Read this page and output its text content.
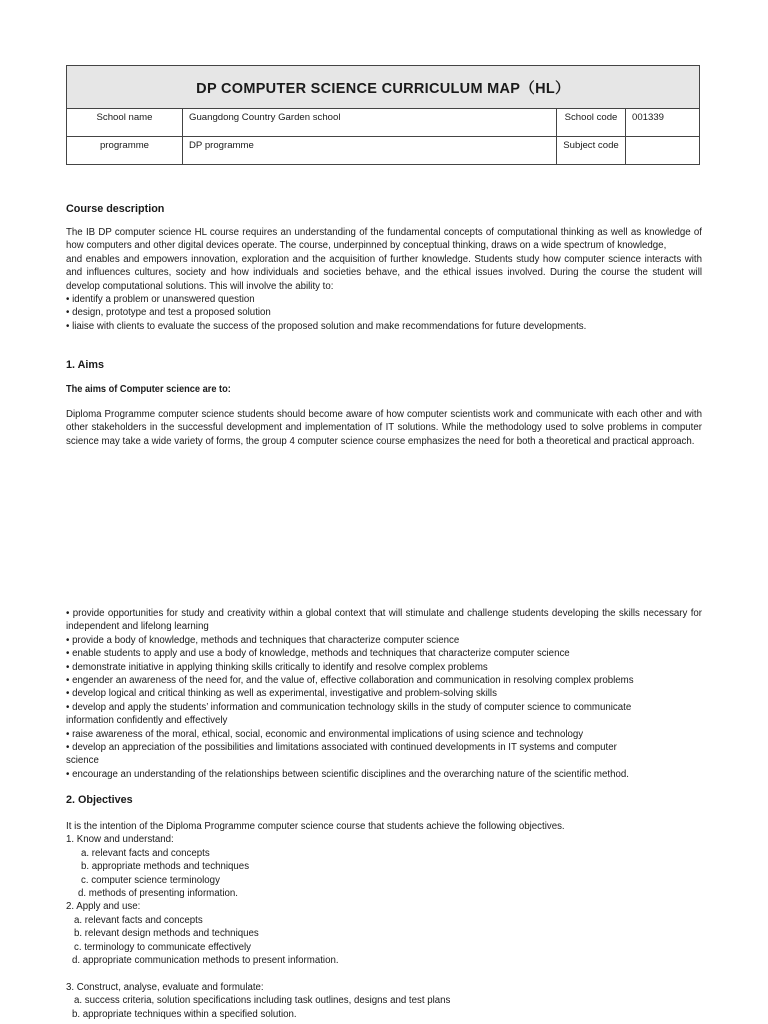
DP COMPUTER SCIENCE CURRICULUM MAP（HL）			
School name	Guangdong Country Garden school	School code	001339
programme	DP programme	Subject code	

Course description

The IB DP computer science HL course requires an understanding of the fundamental concepts of computational thinking as well as knowledge of how computers and other digital devices operate. The course, underpinned by conceptual thinking, draws on a wide spectrum of knowledge,

and enables and empowers innovation, exploration and the acquisition of further knowledge. Students study how computer science interacts with and influences cultures, society and how individuals and societies behave, and the ethical issues involved. During the course the student will develop computational solutions. This will involve the ability to:

• identify a problem or unanswered question
• design, prototype and test a proposed solution
• liaise with clients to evaluate the success of the proposed solution and make recommendations for future developments.

1. Aims

The aims of Computer science are to:

Diploma Programme computer science students should become aware of how computer scientists work and communicate with each other and with other stakeholders in the successful development and implementation of IT solutions. While the methodology used to solve problems in computer science may take a wide variety of forms, the group 4 computer science course emphasizes the need for both a theoretical and practical approach.

• provide opportunities for study and creativity within a global context that will stimulate and challenge students developing the skills necessary for independent and lifelong learning

• provide a body of knowledge, methods and techniques that characterize computer science
• enable students to apply and use a body of knowledge, methods and techniques that characterize computer science
• demonstrate initiative in applying thinking skills critically to identify and resolve complex problems
• engender an awareness of the need for, and the value of, effective collaboration and communication in resolving complex problems
• develop logical and critical thinking as well as experimental, investigative and problem-solving skills
• develop and apply the students’ information and communication technology skills in the study of computer science to communicate
information confidently and effectively
• raise awareness of the moral, ethical, social, economic and environmental implications of using science and technology
• develop an appreciation of the possibilities and limitations associated with continued developments in IT systems and computer
science
• encourage an understanding of the relationships between scientific disciplines and the overarching nature of the scientific method.

2. Objectives

It is the intention of the Diploma Programme computer science course that students achieve the following objectives.
1. Know and understand:
a. relevant facts and concepts
b. appropriate methods and techniques
c. computer science terminology
d. methods of presenting information.
2. Apply and use:
a. relevant facts and concepts
b. relevant design methods and techniques
c. terminology to communicate effectively
d. appropriate communication methods to present information.
3. Construct, analyse, evaluate and formulate:
a. success criteria, solution specifications including task outlines, designs and test plans
b. appropriate techniques within a specified solution.
